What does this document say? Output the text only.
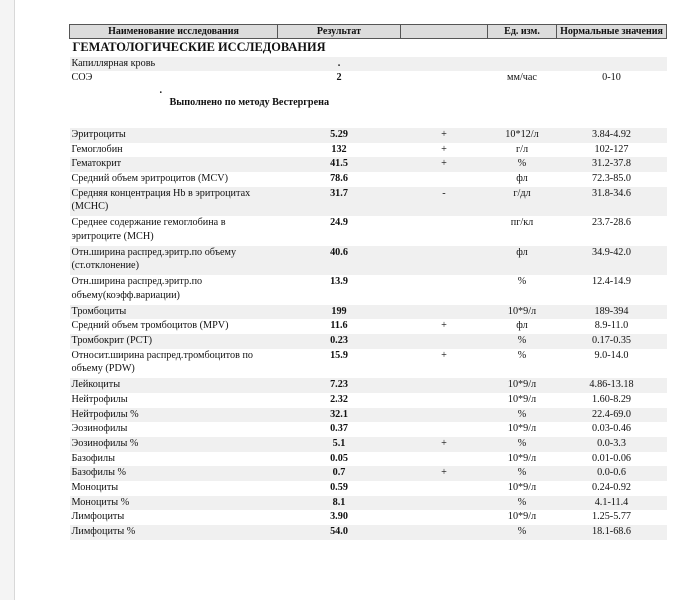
Наименование исследования	Результат		Ед. изм.	Нормальные значения
ГЕМАТОЛОГИЧЕСКИЕ ИССЛЕДОВАНИЯ				
Капиллярная кровь	.			
СОЭ	2		мм/час	0-10
.				
Выполнено по методу Вестергрена				

Эритроциты	5.29	+	10*12/л	3.84-4.92
Гемоглобин	132	+	г/л	102-127
Гематокрит	41.5	+	%	31.2-37.8
Средний объем эритроцитов (MCV)	78.6		фл	72.3-85.0
Средняя концентрация Hb в эритроцитах (MCHC)	31.7	-	г/дл	31.8-34.6
Среднее содержание гемоглобина в эритроците (MCH)	24.9		пг/кл	23.7-28.6
Отн.ширина распред.эритр.по объему (ст.отклонение)	40.6		фл	34.9-42.0
Отн.ширина распред.эритр.по объему(коэфф.вариации)	13.9		%	12.4-14.9
Тромбоциты	199		10*9/л	189-394
Средний объем тромбоцитов (MPV)	11.6	+	фл	8.9-11.0
Тромбокрит (PCT)	0.23		%	0.17-0.35
Относит.ширина распред.тромбоцитов по объему (PDW)	15.9	+	%	9.0-14.0
Лейкоциты	7.23		10*9/л	4.86-13.18
Нейтрофилы	2.32		10*9/л	1.60-8.29
Нейтрофилы %	32.1		%	22.4-69.0
Эозинофилы	0.37		10*9/л	0.03-0.46
Эозинофилы %	5.1	+	%	0.0-3.3
Базофилы	0.05		10*9/л	0.01-0.06
Базофилы %	0.7	+	%	0.0-0.6
Моноциты	0.59		10*9/л	0.24-0.92
Моноциты %	8.1		%	4.1-11.4
Лимфоциты	3.90		10*9/л	1.25-5.77
Лимфоциты %	54.0		%	18.1-68.6
